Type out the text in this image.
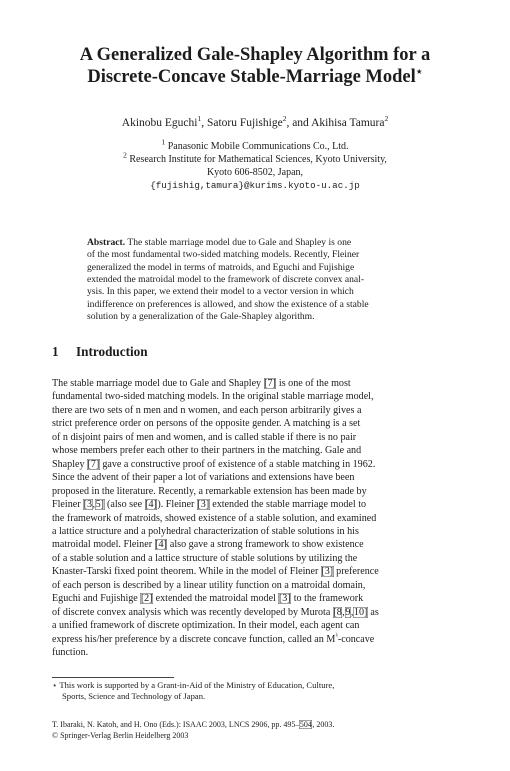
A Generalized Gale-Shapley Algorithm for a
Discrete-Concave Stable-Marriage Model⋆
Akinobu Eguchi$^1$, Satoru Fujishige$^2$, and Akihisa Tamura$^2$
$^1$ Panasonic Mobile Communications Co., Ltd.
$^2$ Research Institute for Mathematical Sciences, Kyoto University,
Kyoto 606-8502, Japan,
{fujishig,tamura}@kurims.kyoto-u.ac.jp
Abstract. The stable marriage model due to Gale and Shapley is one
of the most fundamental two-sided matching models. Recently, Fleiner
generalized the model in terms of matroids, and Eguchi and Fujishige
extended the matroidal model to the framework of discrete convex anal-
ysis. In this paper, we extend their model to a vector version in which
indifference on preferences is allowed, and show the existence of a stable
solution by a generalization of the Gale-Shapley algorithm.
1 Introduction
The stable marriage model due to Gale and Shapley [7] is one of the most
fundamental two-sided matching models. In the original stable marriage model,
there are two sets of n men and n women, and each person arbitrarily gives a
strict preference order on persons of the opposite gender. A matching is a set
of n disjoint pairs of men and women, and is called stable if there is no pair
whose members prefer each other to their partners in the matching. Gale and
Shapley [7] gave a constructive proof of existence of a stable matching in 1962.
Since the advent of their paper a lot of variations and extensions have been
proposed in the literature. Recently, a remarkable extension has been made by
Fleiner [3,5] (also see [4]). Fleiner [3] extended the stable marriage model to
the framework of matroids, showed existence of a stable solution, and examined
a lattice structure and a polyhedral characterization of stable solutions in his
matroidal model. Fleiner [4] also gave a strong framework to show existence
of a stable solution and a lattice structure of stable solutions by utilizing the
Knaster-Tarski fixed point theorem. While in the model of Fleiner [3] preference
of each person is described by a linear utility function on a matroidal domain,
Eguchi and Fujishige [2] extended the matroidal model [3] to the framework
of discrete convex analysis which was recently developed by Murota [8,9,10] as
a unified framework of discrete optimization. In their model, each agent can
express his/her preference by a discrete concave function, called an M♮-concave
function.
⋆ This work is supported by a Grant-in-Aid of the Ministry of Education, Culture,
Sports, Science and Technology of Japan.
T. Ibaraki, N. Katoh, and H. Ono (Eds.): ISAAC 2003, LNCS 2906, pp. 495–504, 2003.
© Springer-Verlag Berlin Heidelberg 2003
